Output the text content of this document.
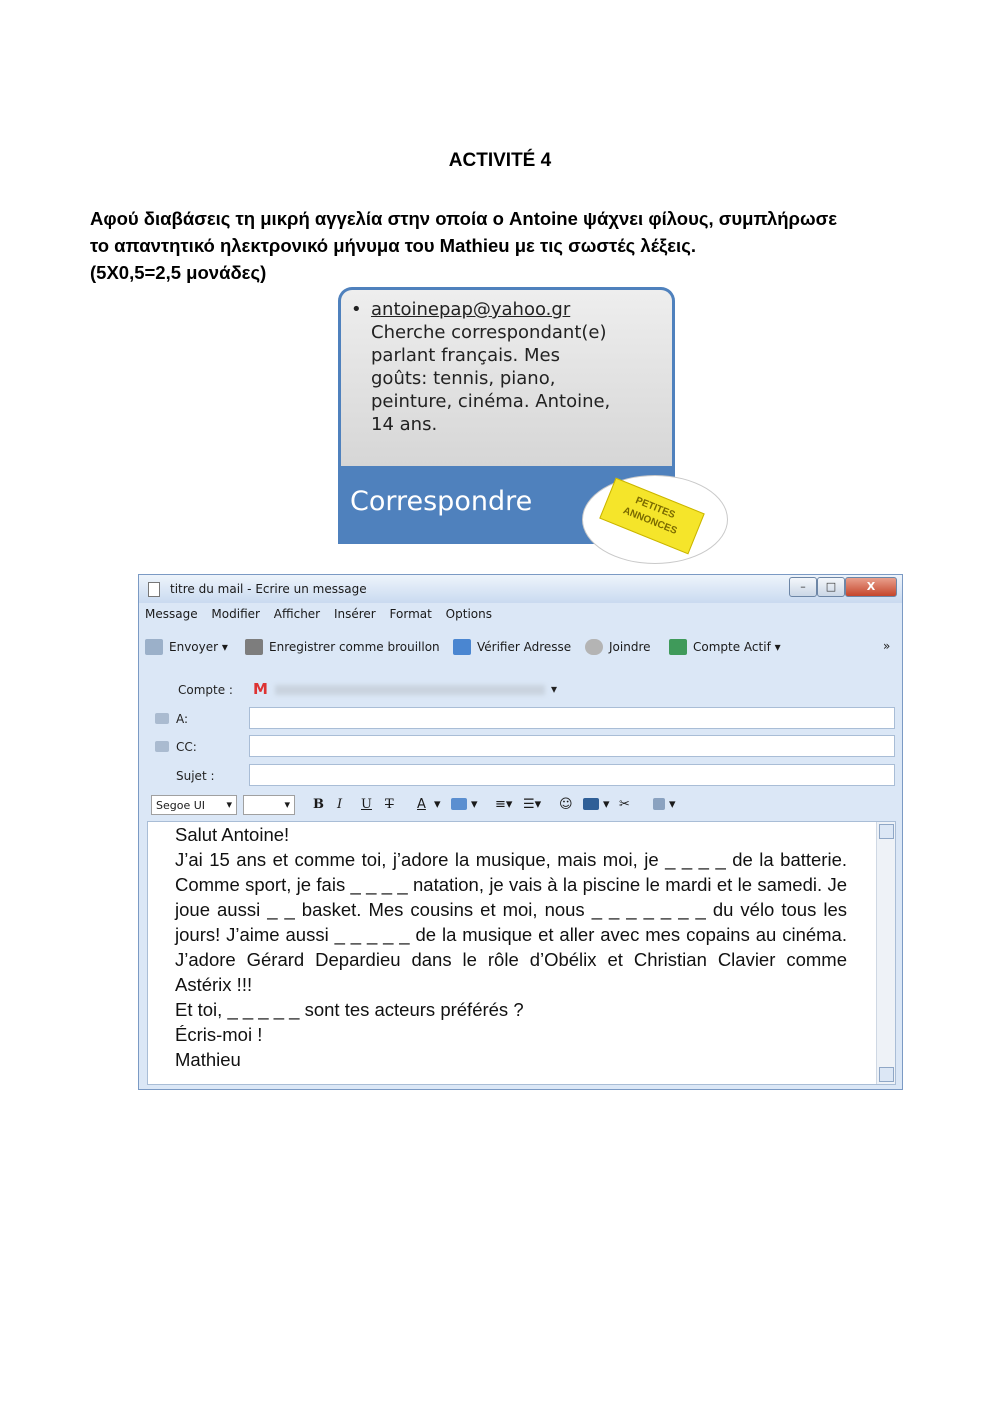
ACTIVITÉ 4
Αφού διαβάσεις τη μικρή αγγελία στην οποία ο Antoine ψάχνει φίλους, συμπλήρωσε
το απαντητικό ηλεκτρονικό μήνυμα του Mathieu με τις σωστές λέξεις.
(5X0,5=2,5 μονάδες)
• antoinepap@yahoo.gr
Cherche correspondant(e)
parlant français. Mes
goûts: tennis, piano,
peinture, cinéma. Antoine,
14 ans.
Correspondre	PETITES ANNONCES
titre du mail - Ecrire un message	–	□	X
Message Modifier Afficher Insérer Format Options
Envoyer ▾	Enregistrer comme brouillon	Vérifier Adresse	Joindre	Compte Actif ▾	»
Compte : M	▾
A:
CC:
Sujet :
Segoe UI ▾	▾ B I U T A ▾ ▾ ≡▾ ☰▾ ☺ ▾ ✂	▾

Salut Antoine!

J’ai 15 ans et comme toi, j’adore la musique, mais moi, je _ _ _ _ de la batterie.

Comme sport, je fais _ _ _ _ natation, je vais à la piscine le mardi et le samedi. Je

joue aussi _ _ basket. Mes cousins et moi, nous _ _ _ _ _ _ _ du vélo tous les

jours! J’aime aussi _ _ _ _ _ de la musique et aller avec mes copains au cinéma.

J’adore Gérard Depardieu dans le rôle d’Obélix et Christian Clavier comme

Astérix !!!

Et toi, _ _ _ _ _ sont tes acteurs préférés ?

Écris-moi !

Mathieu
